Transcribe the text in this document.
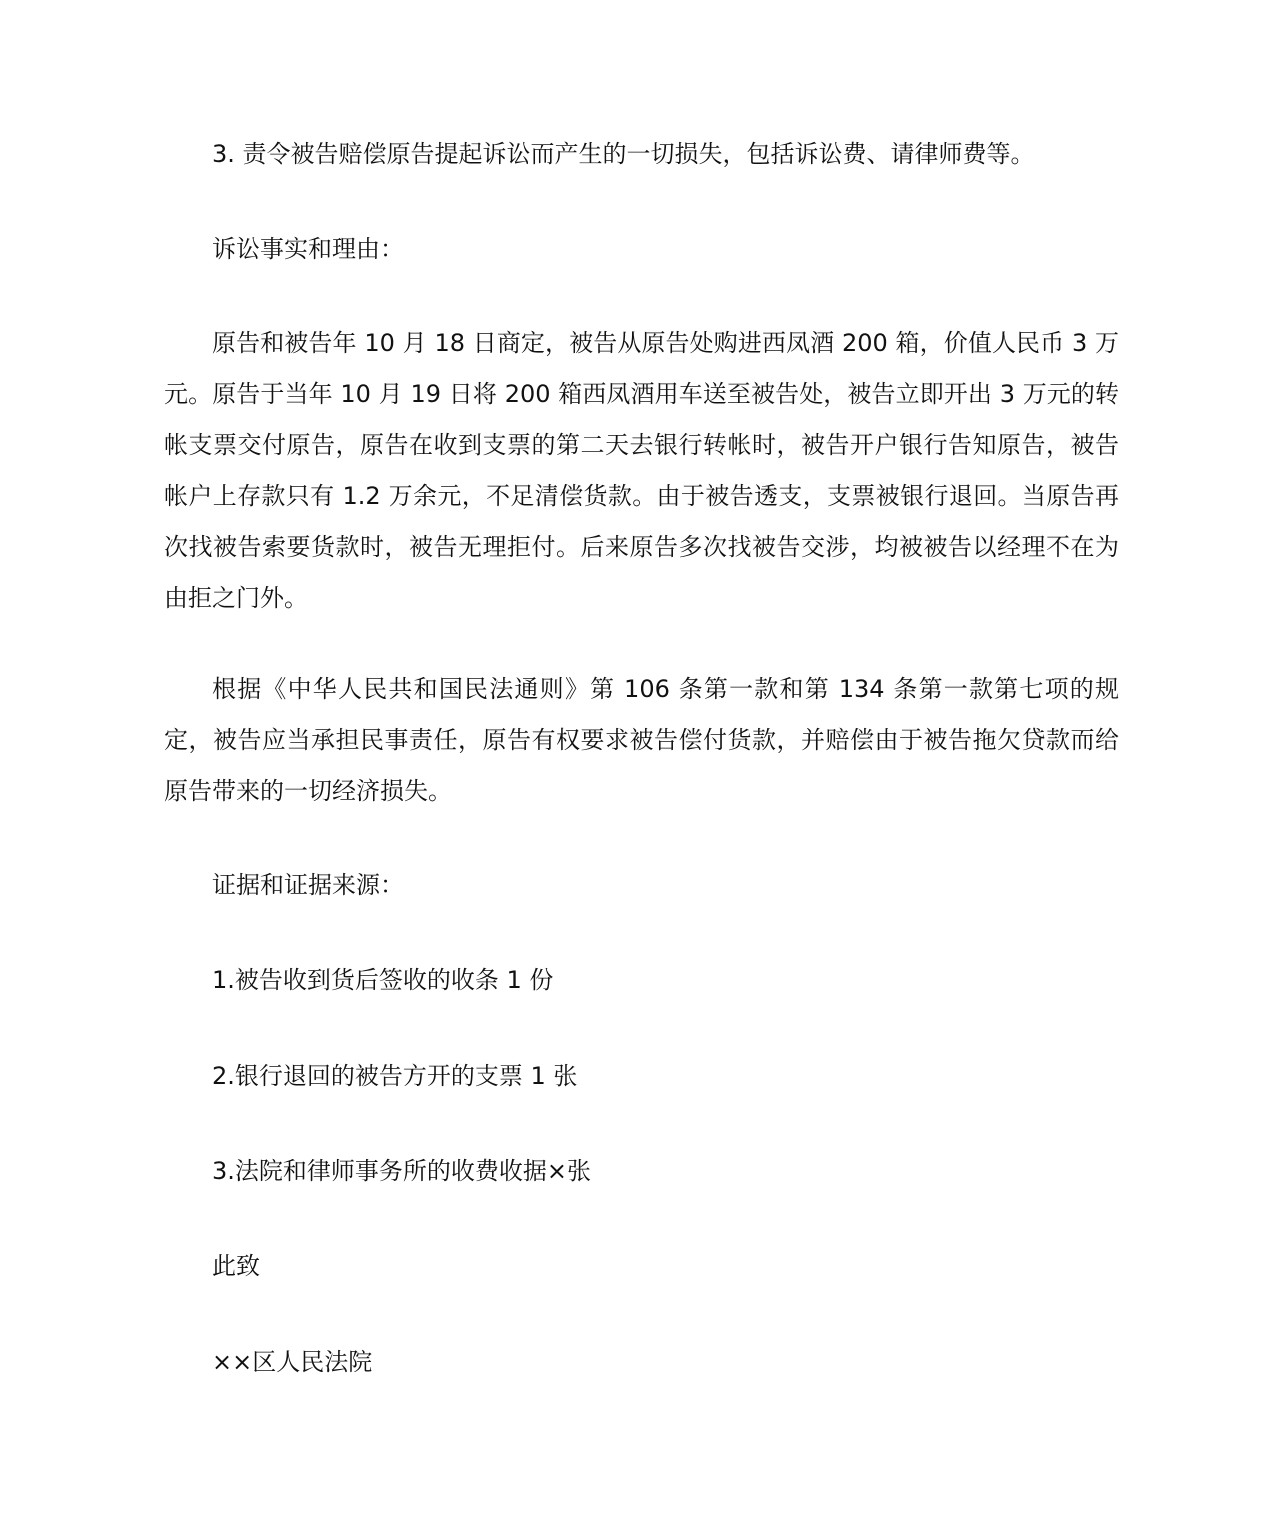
3. 责令被告赔偿原告提起诉讼而产生的一切损失，包括诉讼费、请律师费等。
诉讼事实和理由：

原告和被告年 10 月 18 日商定，被告从原告处购进西凤酒 200 箱，价值人民币 3 万元。原告于当年 10 月 19 日将 200 箱西凤酒用车送至被告处，被告立即开出 3 万元的转帐支票交付原告，原告在收到支票的第二天去银行转帐时，被告开户银行告知原告，被告帐户上存款只有 1.2 万余元，不足清偿货款。由于被告透支，支票被银行退回。当原告再次找被告索要货款时，被告无理拒付。后来原告多次找被告交涉，均被被告以经理不在为由拒之门外。

根据《中华人民共和国民法通则》第 106 条第一款和第 134 条第一款第七项的规定，被告应当承担民事责任，原告有权要求被告偿付货款，并赔偿由于被告拖欠贷款而给原告带来的一切经济损失。

证据和证据来源：
1.被告收到货后签收的收条 1 份
2.银行退回的被告方开的支票 1 张
3.法院和律师事务所的收费收据×张
此致
××区人民法院
